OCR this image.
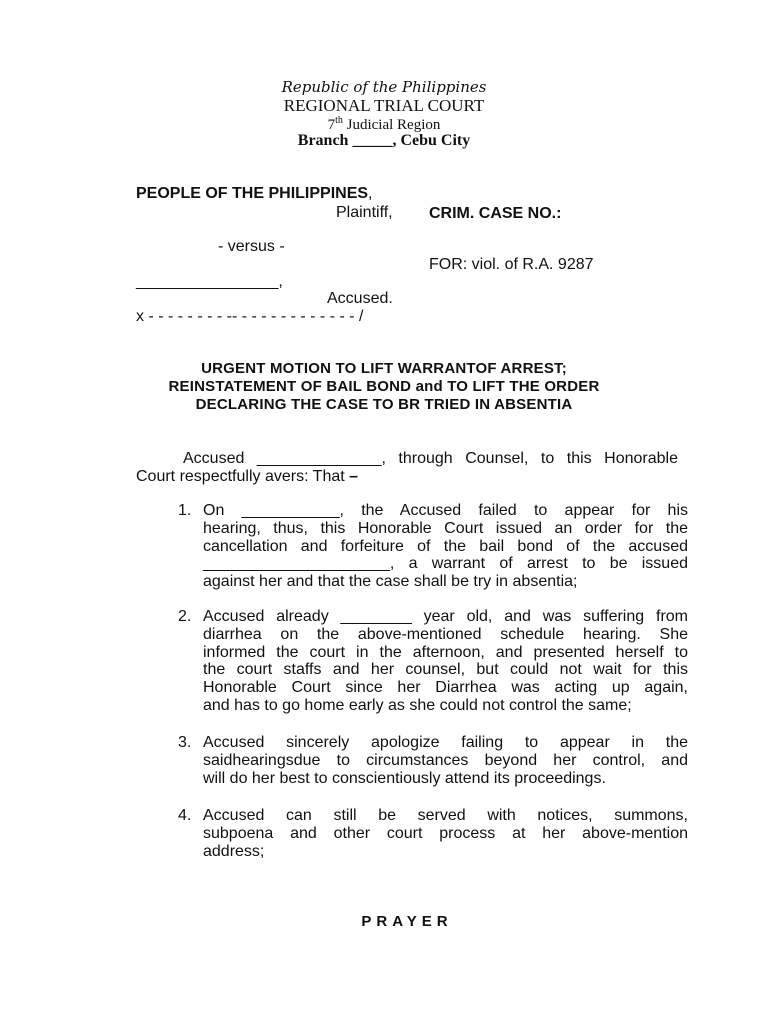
Republic of the Philippines
REGIONAL TRIAL COURT
7th Judicial Region
Branch _____, Cebu City
PEOPLE OF THE PHILIPPINES,
Plaintiff, CRIM. CASE NO.:
- versus -
FOR: viol. of R.A. 9287
________________,
Accused.
x - - - - - - - - -- - - - - - - - - - - - - /
URGENT MOTION TO LIFT WARRANTOF ARREST;
REINSTATEMENT OF BAIL BOND and TO LIFT THE ORDER
DECLARING THE CASE TO BR TRIED IN ABSENTIA
Accused ______________, through Counsel, to this Honorable
Court respectfully avers: That –
1. On ___________, the Accused failed to appear for his
hearing, thus, this Honorable Court issued an order for the
cancellation and forfeiture of the bail bond of the accused
_____________________, a warrant of arrest to be issued
against her and that the case shall be try in absentia;
2. Accused already ________ year old, and was suffering from
diarrhea on the above-mentioned schedule hearing. She
informed the court in the afternoon, and presented herself to
the court staffs and her counsel, but could not wait for this
Honorable Court since her Diarrhea was acting up again,
and has to go home early as she could not control the same;
3. Accused sincerely apologize failing to appear in the
saidhearingsdue to circumstances beyond her control, and
will do her best to conscientiously attend its proceedings.
4. Accused can still be served with notices, summons,
subpoena and other court process at her above-mention
address;
PRAYER
